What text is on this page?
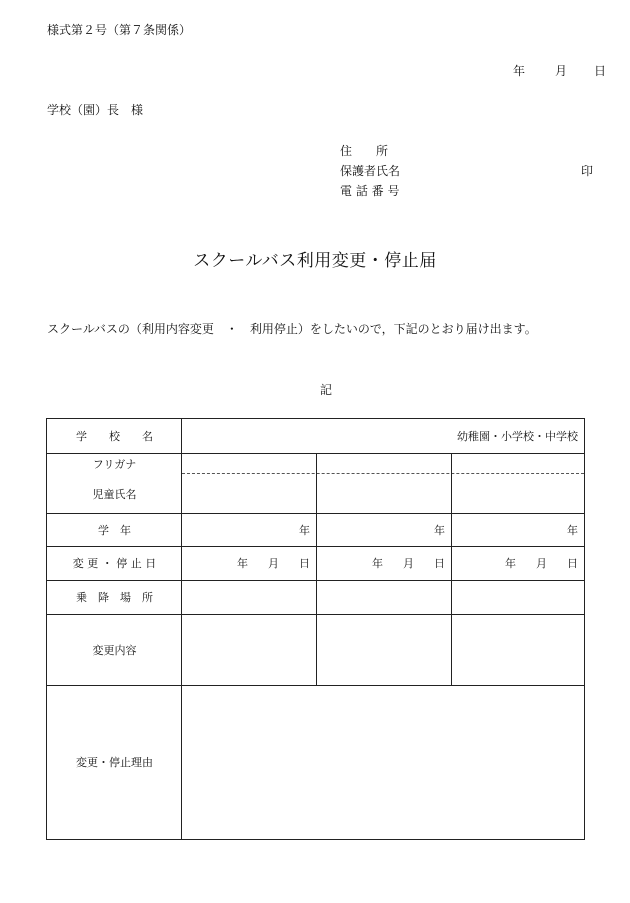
様式第２号（第７条関係）
年 月 日
学校（園）長　様
住　　所
保護者氏名	印
電 話 番 号
スクールバス利用変更・停止届
スクールバスの（利用内容変更　・　利用停止）をしたいので，下記のとおり届け出ます。
記
学　　校　　名	幼稚園・小学校・中学校
フリガナ
児童氏名
学　年	年	年	年
変 更 ・ 停 止 日	年 月 日	年 月 日	年 月 日
乗　降　場　所
変更内容
変更・停止理由
